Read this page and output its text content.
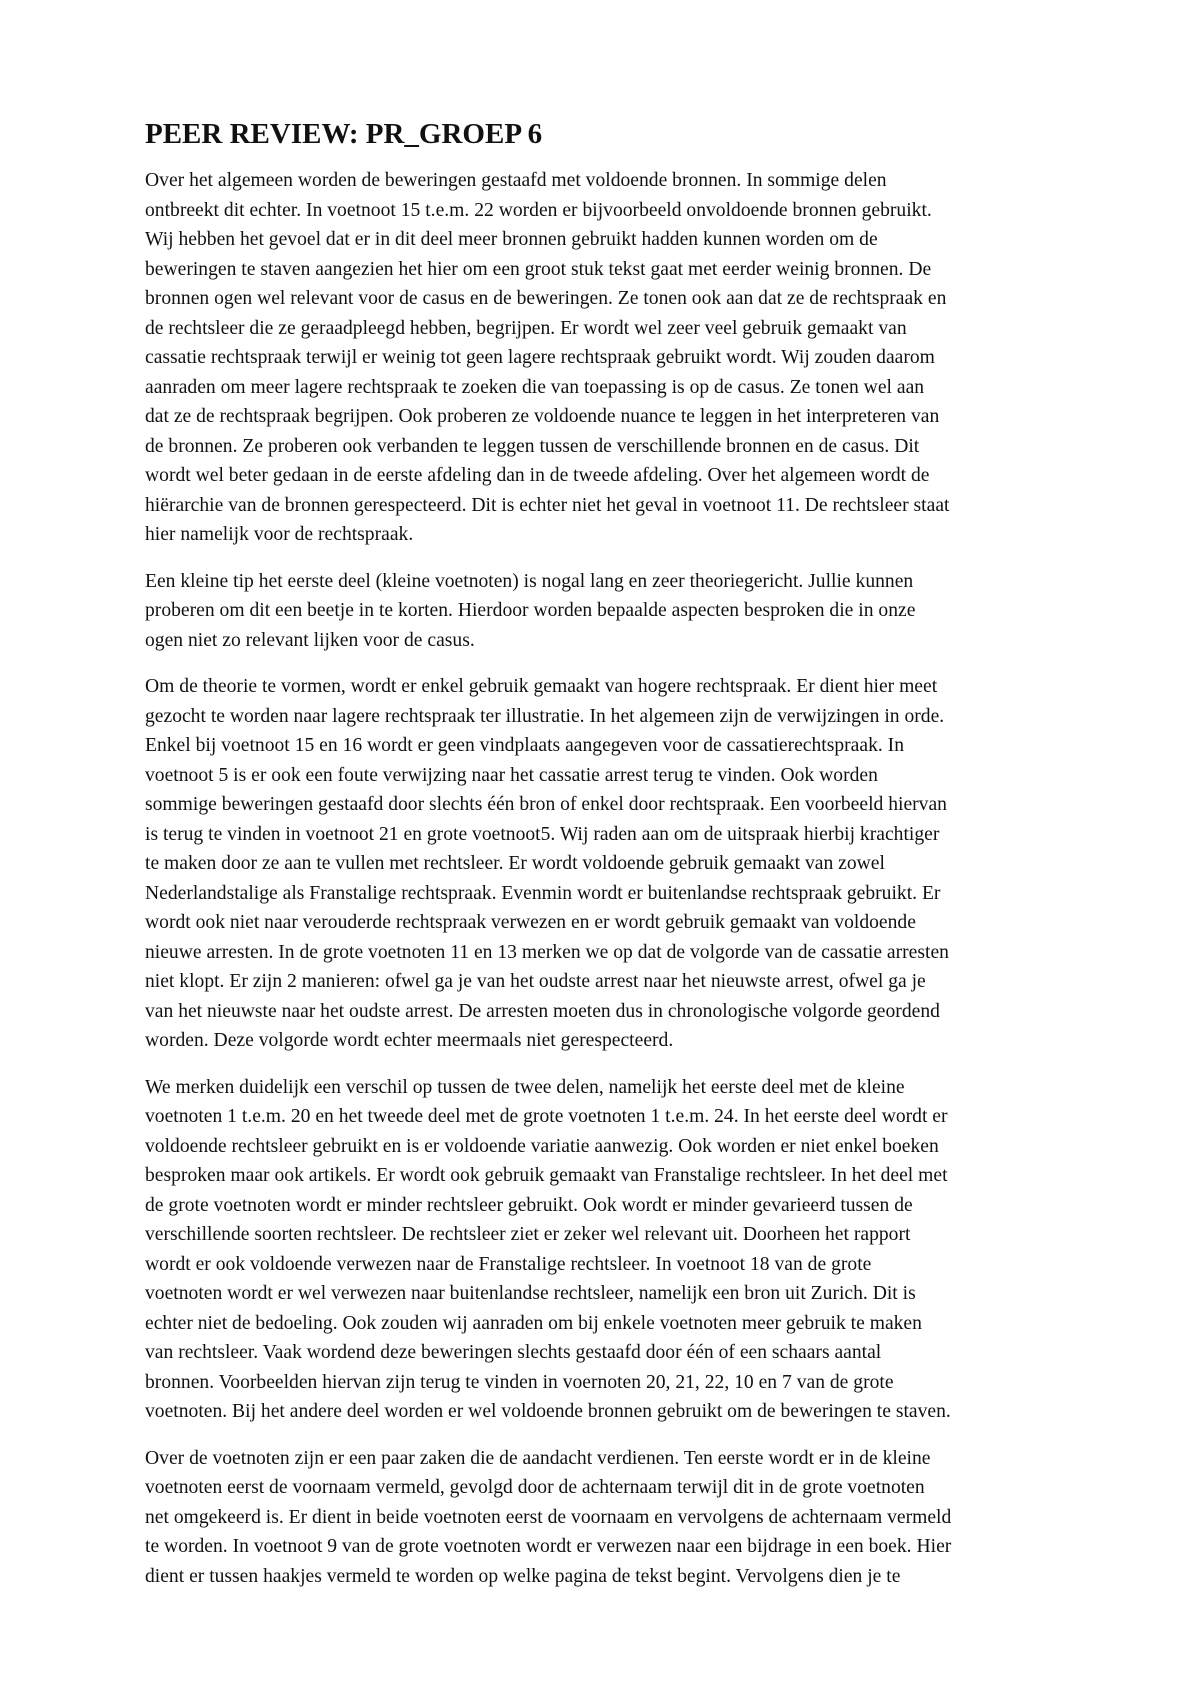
PEER REVIEW: PR_GROEP 6

Over het algemeen worden de beweringen gestaafd met voldoende bronnen. In sommige delen
ontbreekt dit echter. In voetnoot 15 t.e.m. 22 worden er bijvoorbeeld onvoldoende bronnen gebruikt.
Wij hebben het gevoel dat er in dit deel meer bronnen gebruikt hadden kunnen worden om de
beweringen te staven aangezien het hier om een groot stuk tekst gaat met eerder weinig bronnen. De
bronnen ogen wel relevant voor de casus en de beweringen. Ze tonen ook aan dat ze de rechtspraak en
de rechtsleer die ze geraadpleegd hebben, begrijpen. Er wordt wel zeer veel gebruik gemaakt van
cassatie rechtspraak terwijl er weinig tot geen lagere rechtspraak gebruikt wordt. Wij zouden daarom
aanraden om meer lagere rechtspraak te zoeken die van toepassing is op de casus. Ze tonen wel aan
dat ze de rechtspraak begrijpen. Ook proberen ze voldoende nuance te leggen in het interpreteren van
de bronnen. Ze proberen ook verbanden te leggen tussen de verschillende bronnen en de casus. Dit
wordt wel beter gedaan in de eerste afdeling dan in de tweede afdeling. Over het algemeen wordt de
hiërarchie van de bronnen gerespecteerd. Dit is echter niet het geval in voetnoot 11. De rechtsleer staat
hier namelijk voor de rechtspraak.

Een kleine tip het eerste deel (kleine voetnoten) is nogal lang en zeer theoriegericht. Jullie kunnen
proberen om dit een beetje in te korten. Hierdoor worden bepaalde aspecten besproken die in onze
ogen niet zo relevant lijken voor de casus.

Om de theorie te vormen, wordt er enkel gebruik gemaakt van hogere rechtspraak. Er dient hier meet
gezocht te worden naar lagere rechtspraak ter illustratie. In het algemeen zijn de verwijzingen in orde.
Enkel bij voetnoot 15 en 16 wordt er geen vindplaats aangegeven voor de cassatierechtspraak. In
voetnoot 5 is er ook een foute verwijzing naar het cassatie arrest terug te vinden. Ook worden
sommige beweringen gestaafd door slechts één bron of enkel door rechtspraak. Een voorbeeld hiervan
is terug te vinden in voetnoot 21 en grote voetnoot5. Wij raden aan om de uitspraak hierbij krachtiger
te maken door ze aan te vullen met rechtsleer. Er wordt voldoende gebruik gemaakt van zowel
Nederlandstalige als Franstalige rechtspraak. Evenmin wordt er buitenlandse rechtspraak gebruikt. Er
wordt ook niet naar verouderde rechtspraak verwezen en er wordt gebruik gemaakt van voldoende
nieuwe arresten. In de grote voetnoten 11 en 13 merken we op dat de volgorde van de cassatie arresten
niet klopt. Er zijn 2 manieren: ofwel ga je van het oudste arrest naar het nieuwste arrest, ofwel ga je
van het nieuwste naar het oudste arrest. De arresten moeten dus in chronologische volgorde geordend
worden. Deze volgorde wordt echter meermaals niet gerespecteerd.

We merken duidelijk een verschil op tussen de twee delen, namelijk het eerste deel met de kleine
voetnoten 1 t.e.m. 20 en het tweede deel met de grote voetnoten 1 t.e.m. 24. In het eerste deel wordt er
voldoende rechtsleer gebruikt en is er voldoende variatie aanwezig. Ook worden er niet enkel boeken
besproken maar ook artikels. Er wordt ook gebruik gemaakt van Franstalige rechtsleer. In het deel met
de grote voetnoten wordt er minder rechtsleer gebruikt. Ook wordt er minder gevarieerd tussen de
verschillende soorten rechtsleer. De rechtsleer ziet er zeker wel relevant uit. Doorheen het rapport
wordt er ook voldoende verwezen naar de Franstalige rechtsleer. In voetnoot 18 van de grote
voetnoten wordt er wel verwezen naar buitenlandse rechtsleer, namelijk een bron uit Zurich. Dit is
echter niet de bedoeling. Ook zouden wij aanraden om bij enkele voetnoten meer gebruik te maken
van rechtsleer. Vaak wordend deze beweringen slechts gestaafd door één of een schaars aantal
bronnen. Voorbeelden hiervan zijn terug te vinden in voernoten 20, 21, 22, 10 en 7 van de grote
voetnoten. Bij het andere deel worden er wel voldoende bronnen gebruikt om de beweringen te staven.

Over de voetnoten zijn er een paar zaken die de aandacht verdienen. Ten eerste wordt er in de kleine
voetnoten eerst de voornaam vermeld, gevolgd door de achternaam terwijl dit in de grote voetnoten
net omgekeerd is. Er dient in beide voetnoten eerst de voornaam en vervolgens de achternaam vermeld
te worden. In voetnoot 9 van de grote voetnoten wordt er verwezen naar een bijdrage in een boek. Hier
dient er tussen haakjes vermeld te worden op welke pagina de tekst begint. Vervolgens dien je te
